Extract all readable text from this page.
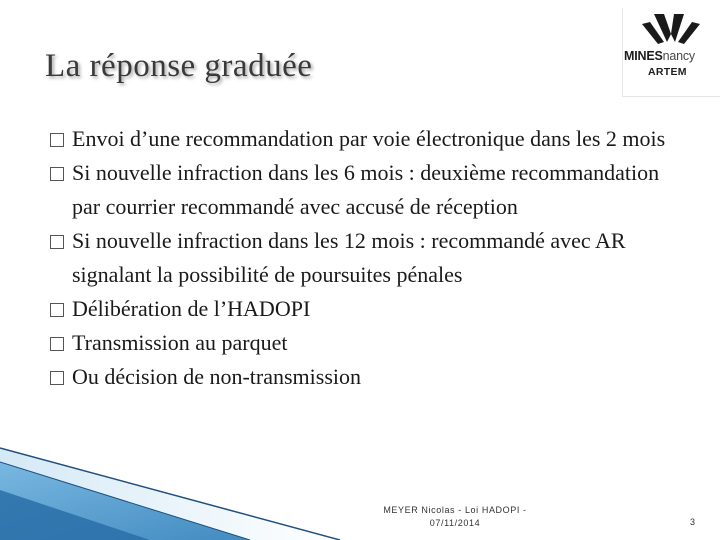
La réponse graduée	MINESnancy
ARTEM
Envoi d’une recommandation par voie électronique dans les 2 mois
Si nouvelle infraction dans les 6 mois : deuxième recommandation par courrier recommandé avec accusé de réception
Si nouvelle infraction dans les 12 mois : recommandé avec AR signalant la possibilité de poursuites pénales
Délibération de l’HADOPI
Transmission au parquet
Ou décision de non-transmission
MEYER Nicolas - Loi HADOPI -
07/11/2014	3
